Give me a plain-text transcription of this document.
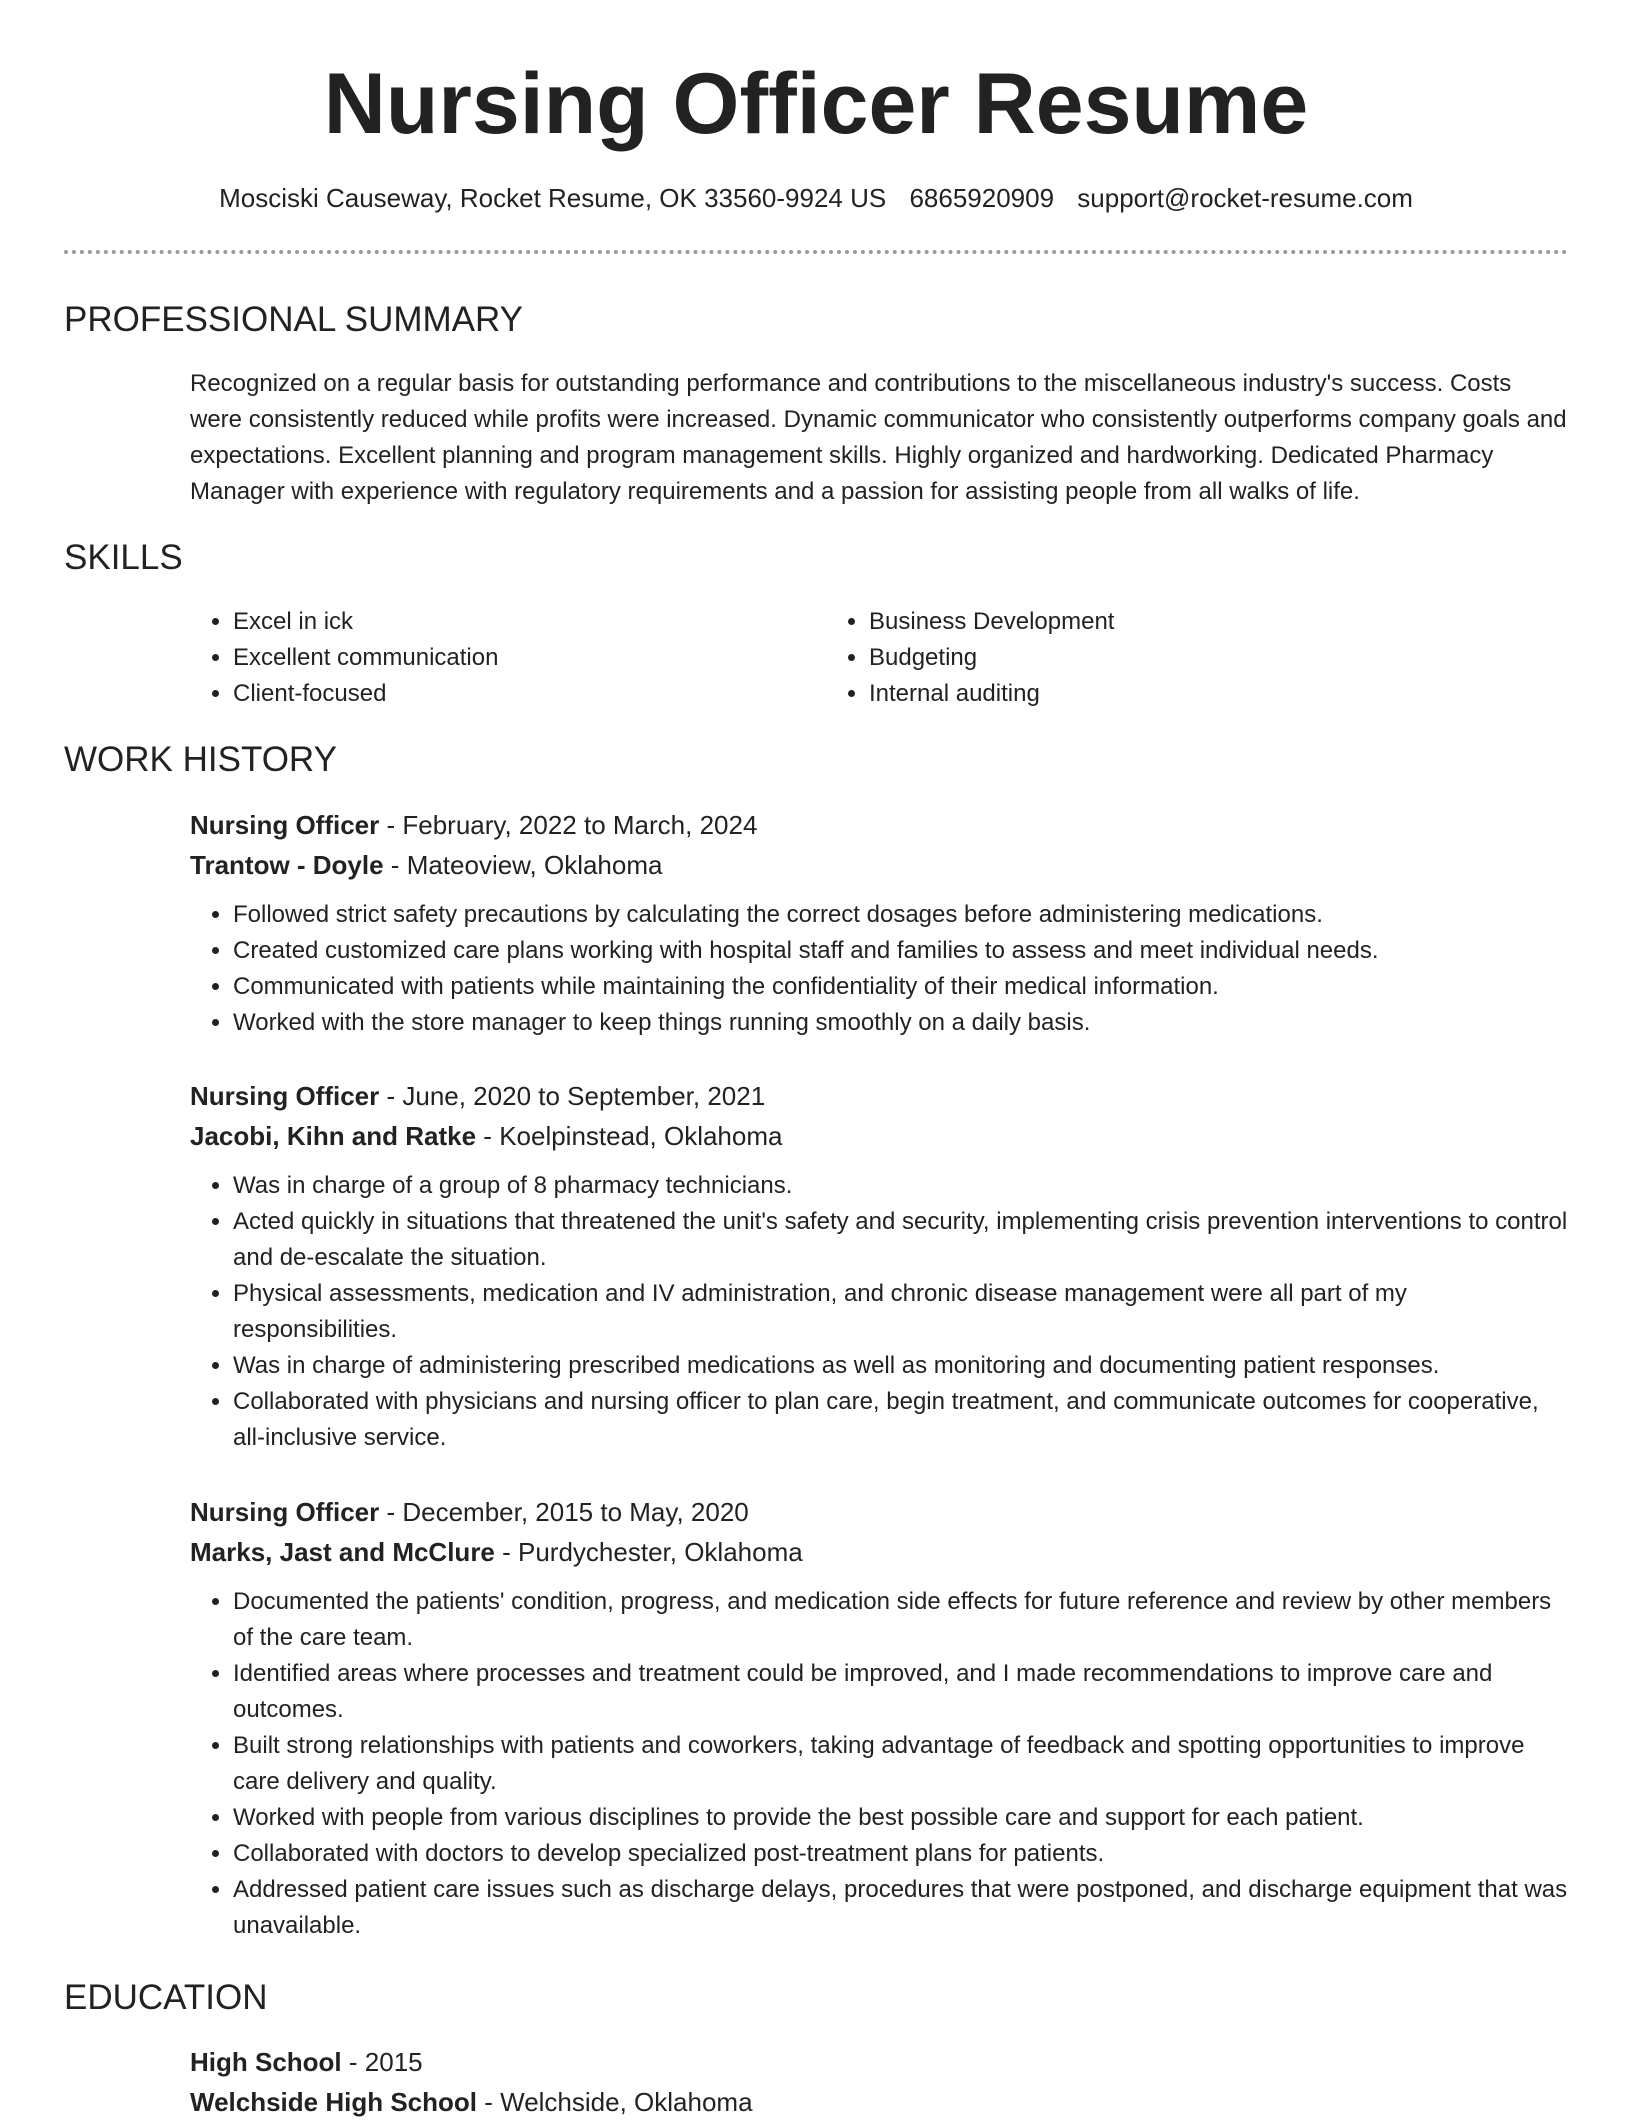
Nursing Officer Resume
Mosciski Causeway, Rocket Resume, OK 33560-9924 US 6865920909 support@rocket-resume.com
PROFESSIONAL SUMMARY
Recognized on a regular basis for outstanding performance and contributions to the miscellaneous industry's success. Costs were consistently reduced while profits were increased. Dynamic communicator who consistently outperforms company goals and expectations. Excellent planning and program management skills. Highly organized and hardworking. Dedicated Pharmacy Manager with experience with regulatory requirements and a passion for assisting people from all walks of life.
SKILLS
• Excel in ick
• Excellent communication
• Client-focused
• Business Development
• Budgeting
• Internal auditing
WORK HISTORY
Nursing Officer - February, 2022 to March, 2024
Trantow - Doyle - Mateoview, Oklahoma
• Followed strict safety precautions by calculating the correct dosages before administering medications.
• Created customized care plans working with hospital staff and families to assess and meet individual needs.
• Communicated with patients while maintaining the confidentiality of their medical information.
• Worked with the store manager to keep things running smoothly on a daily basis.
Nursing Officer - June, 2020 to September, 2021
Jacobi, Kihn and Ratke - Koelpinstead, Oklahoma
• Was in charge of a group of 8 pharmacy technicians.
• Acted quickly in situations that threatened the unit's safety and security, implementing crisis prevention interventions to control and de-escalate the situation.
• Physical assessments, medication and IV administration, and chronic disease management were all part of my responsibilities.
• Was in charge of administering prescribed medications as well as monitoring and documenting patient responses.
• Collaborated with physicians and nursing officer to plan care, begin treatment, and communicate outcomes for cooperative, all-inclusive service.
Nursing Officer - December, 2015 to May, 2020
Marks, Jast and McClure - Purdychester, Oklahoma
• Documented the patients' condition, progress, and medication side effects for future reference and review by other members of the care team.
• Identified areas where processes and treatment could be improved, and I made recommendations to improve care and outcomes.
• Built strong relationships with patients and coworkers, taking advantage of feedback and spotting opportunities to improve care delivery and quality.
• Worked with people from various disciplines to provide the best possible care and support for each patient.
• Collaborated with doctors to develop specialized post-treatment plans for patients.
• Addressed patient care issues such as discharge delays, procedures that were postponed, and discharge equipment that was unavailable.
EDUCATION
High School - 2015
Welchside High School - Welchside, Oklahoma
